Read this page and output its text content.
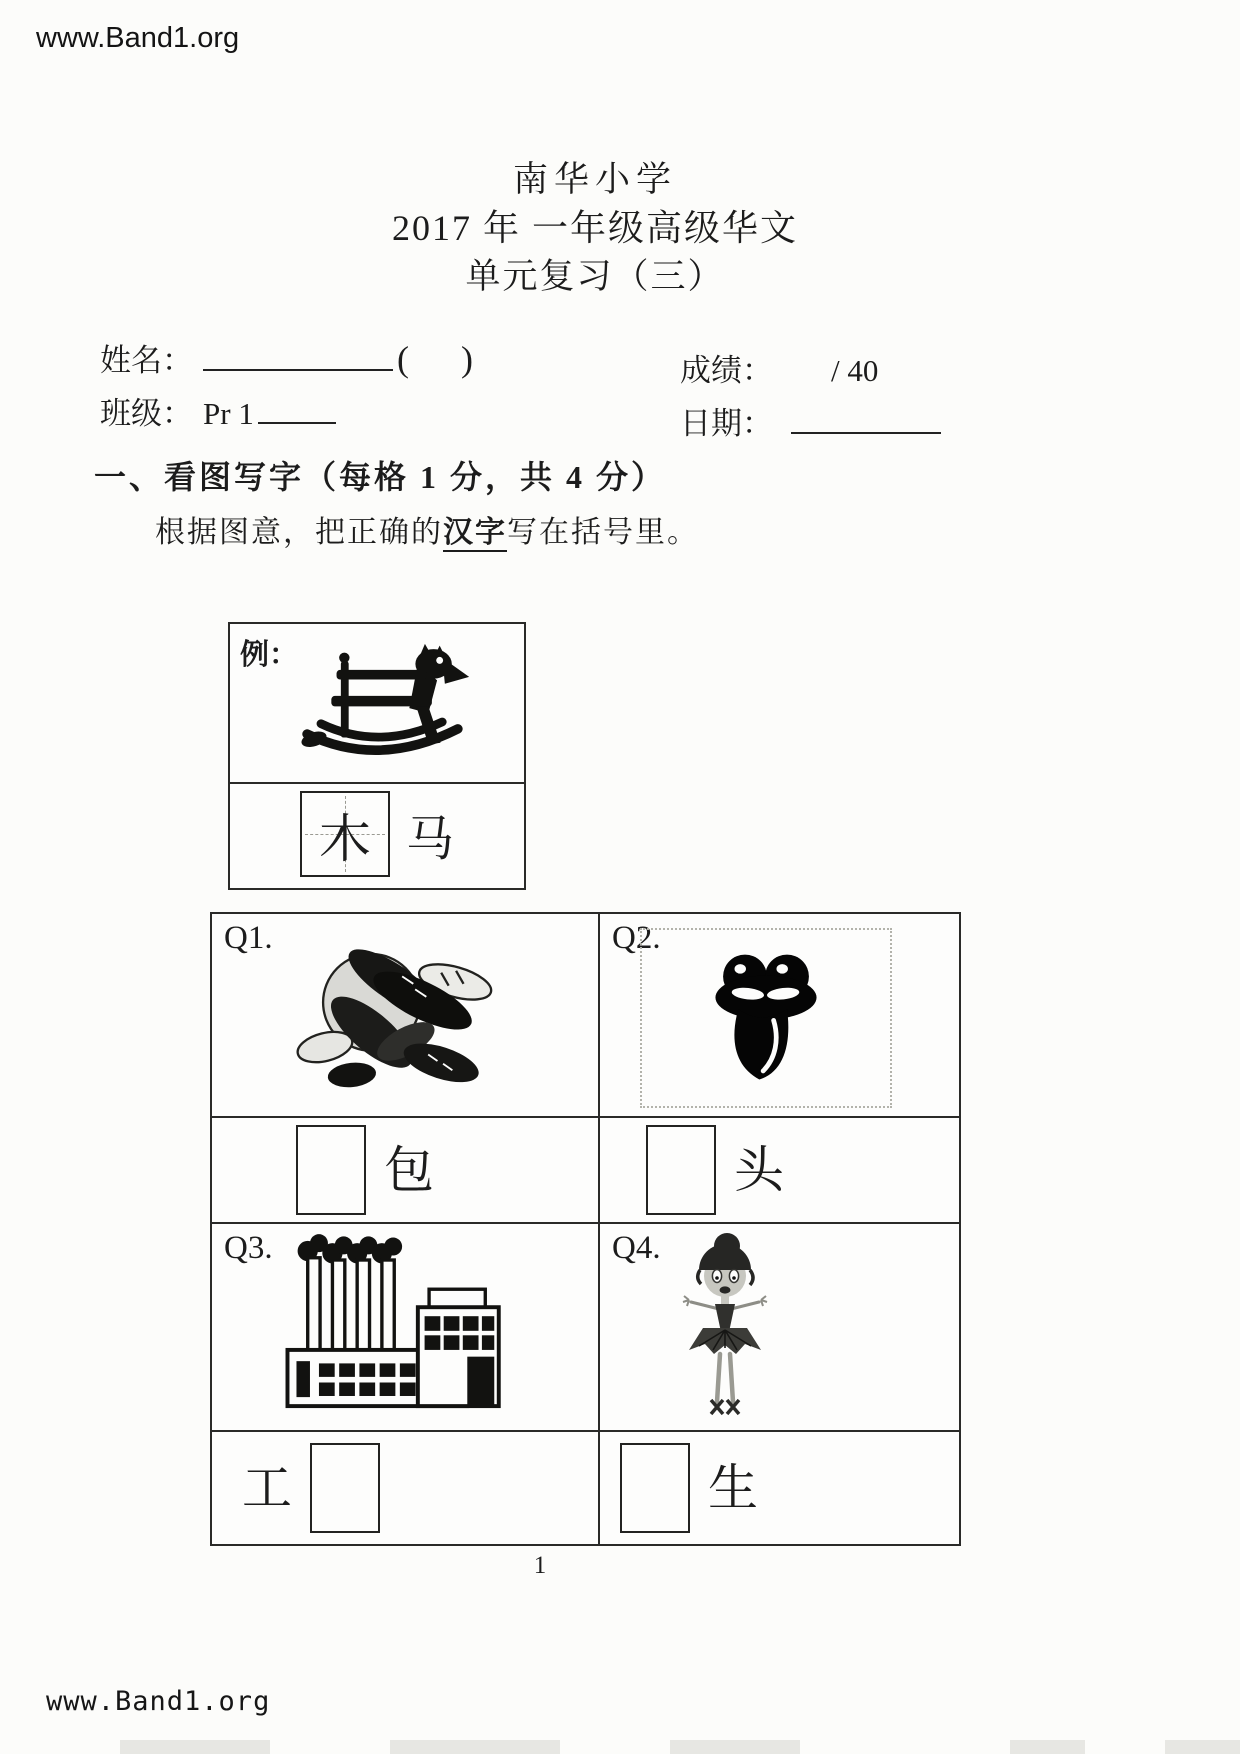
www.Band1.org
南华小学
2017 年 一年级高级华文
单元复习（三）
姓名：	( )
班级： Pr 1
成绩： / 40
日期：
一、看图写字（每格 1 分，共 4 分）
根据图意，把正确的汉字写在括号里。
例：
木 马
Q1.	Q2.
包	头
Q3.	Q4.
工	生
1
www.Band1.org
